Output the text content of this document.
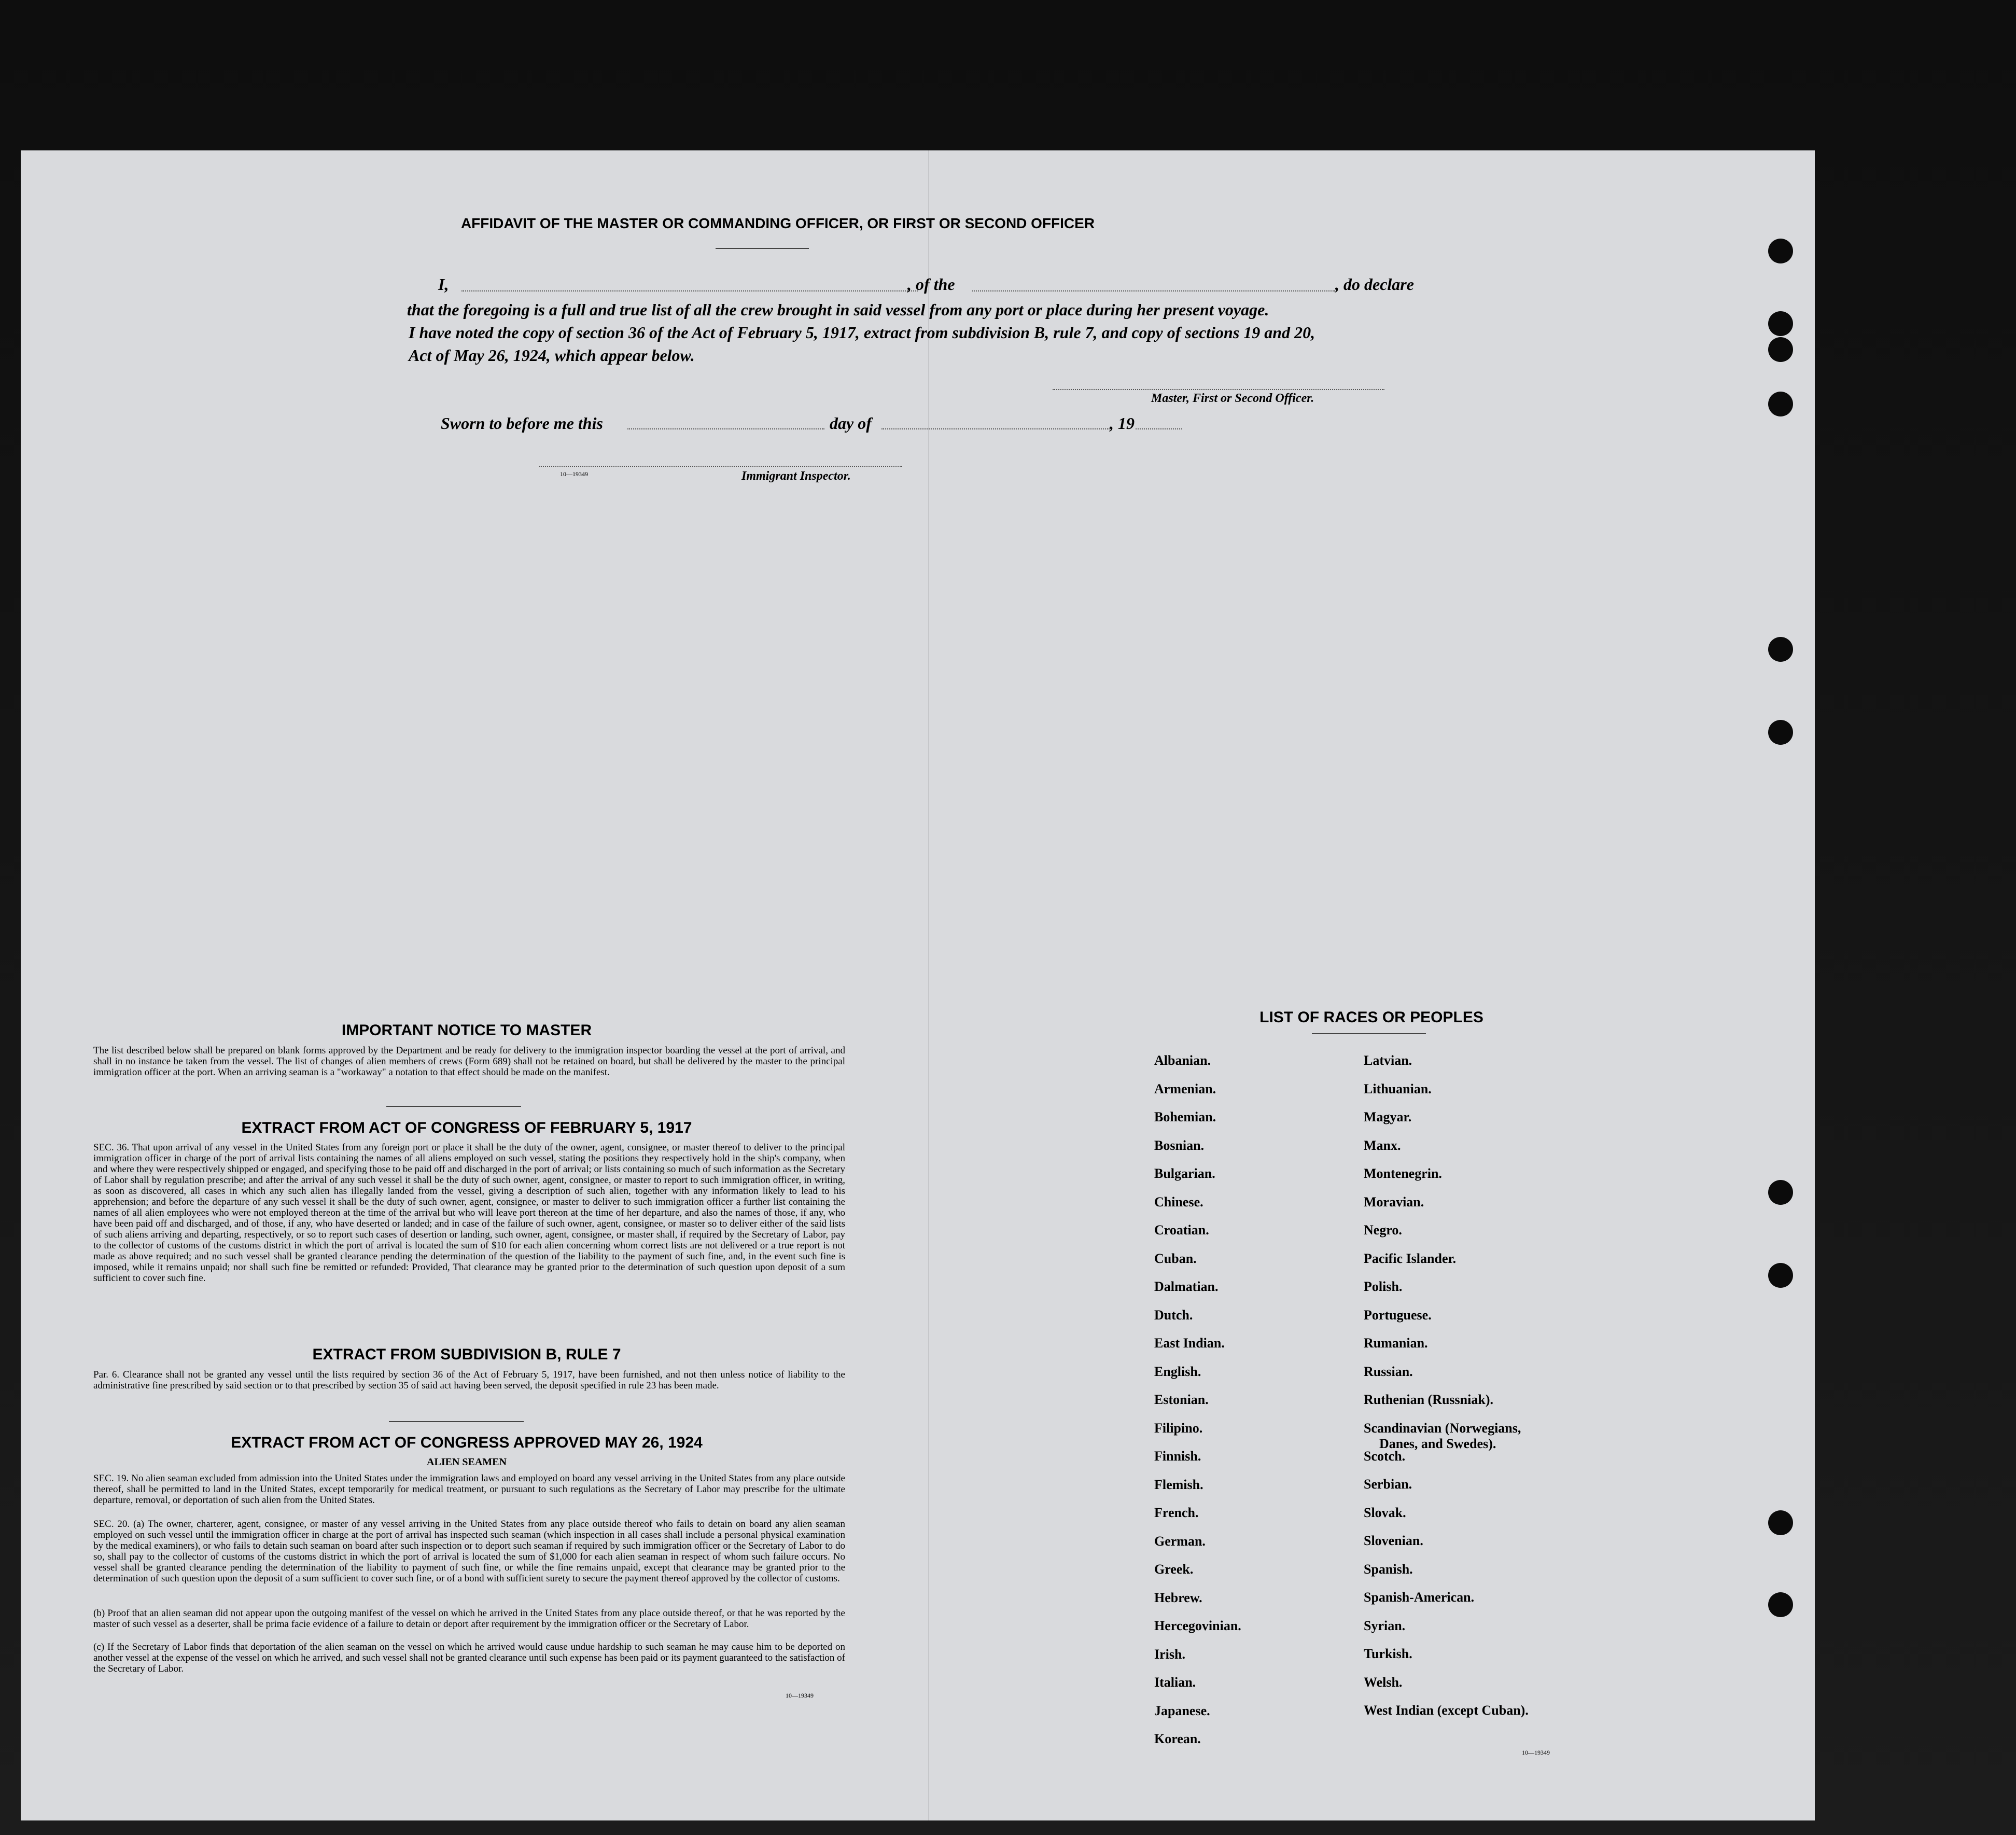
AFFIDAVIT OF THE MASTER OR COMMANDING OFFICER, OR FIRST OR SECOND OFFICER
I,	, of the	, do declare
that the foregoing is a full and true list of all the crew brought in said vessel from any port or place during her present voyage.
I have noted the copy of section 36 of the Act of February 5, 1917, extract from subdivision B, rule 7, and copy of sections 19 and 20,
Act of May 26, 1924, which appear below.
Master, First or Second Officer.
Sworn to before me this	day of	, 19
10—19349	Immigrant Inspector.
IMPORTANT NOTICE TO MASTER
The list described below shall be prepared on blank forms approved by the Department and be ready for delivery to the immigration inspector boarding the vessel at the port of arrival, and shall in no instance be taken from the vessel. The list of changes of alien members of crews (Form 689) shall not be retained on board, but shall be delivered by the master to the principal immigration officer at the port. When an arriving seaman is a "workaway" a notation to that effect should be made on the manifest.
EXTRACT FROM ACT OF CONGRESS OF FEBRUARY 5, 1917
SEC. 36. That upon arrival of any vessel in the United States from any foreign port or place it shall be the duty of the owner, agent, consignee, or master thereof to deliver to the principal immigration officer in charge of the port of arrival lists containing the names of all aliens employed on such vessel, stating the positions they respectively hold in the ship's company, when and where they were respectively shipped or engaged, and specifying those to be paid off and discharged in the port of arrival; or lists containing so much of such information as the Secretary of Labor shall by regulation prescribe; and after the arrival of any such vessel it shall be the duty of such owner, agent, consignee, or master to report to such immigration officer, in writing, as soon as discovered, all cases in which any such alien has illegally landed from the vessel, giving a description of such alien, together with any information likely to lead to his apprehension; and before the departure of any such vessel it shall be the duty of such owner, agent, consignee, or master to deliver to such immigration officer a further list containing the names of all alien employees who were not employed thereon at the time of the arrival but who will leave port thereon at the time of her departure, and also the names of those, if any, who have been paid off and discharged, and of those, if any, who have deserted or landed; and in case of the failure of such owner, agent, consignee, or master so to deliver either of the said lists of such aliens arriving and departing, respectively, or so to report such cases of desertion or landing, such owner, agent, consignee, or master shall, if required by the Secretary of Labor, pay to the collector of customs of the customs district in which the port of arrival is located the sum of $10 for each alien concerning whom correct lists are not delivered or a true report is not made as above required; and no such vessel shall be granted clearance pending the determination of the question of the liability to the payment of such fine, and, in the event such fine is imposed, while it remains unpaid; nor shall such fine be remitted or refunded: Provided, That clearance may be granted prior to the determination of such question upon deposit of a sum sufficient to cover such fine.
EXTRACT FROM SUBDIVISION B, RULE 7
Par. 6. Clearance shall not be granted any vessel until the lists required by section 36 of the Act of February 5, 1917, have been furnished, and not then unless notice of liability to the administrative fine prescribed by said section or to that prescribed by section 35 of said act having been served, the deposit specified in rule 23 has been made.
EXTRACT FROM ACT OF CONGRESS APPROVED MAY 26, 1924
ALIEN SEAMEN
SEC. 19. No alien seaman excluded from admission into the United States under the immigration laws and employed on board any vessel arriving in the United States from any place outside thereof, shall be permitted to land in the United States, except temporarily for medical treatment, or pursuant to such regulations as the Secretary of Labor may prescribe for the ultimate departure, removal, or deportation of such alien from the United States.
SEC. 20. (a) The owner, charterer, agent, consignee, or master of any vessel arriving in the United States from any place outside thereof who fails to detain on board any alien seaman employed on such vessel until the immigration officer in charge at the port of arrival has inspected such seaman (which inspection in all cases shall include a personal physical examination by the medical examiners), or who fails to detain such seaman on board after such inspection or to deport such seaman if required by such immigration officer or the Secretary of Labor to do so, shall pay to the collector of customs of the customs district in which the port of arrival is located the sum of $1,000 for each alien seaman in respect of whom such failure occurs. No vessel shall be granted clearance pending the determination of the liability to payment of such fine, or while the fine remains unpaid, except that clearance may be granted prior to the determination of such question upon the deposit of a sum sufficient to cover such fine, or of a bond with sufficient surety to secure the payment thereof approved by the collector of customs.
(b) Proof that an alien seaman did not appear upon the outgoing manifest of the vessel on which he arrived in the United States from any place outside thereof, or that he was reported by the master of such vessel as a deserter, shall be prima facie evidence of a failure to detain or deport after requirement by the immigration officer or the Secretary of Labor.
(c) If the Secretary of Labor finds that deportation of the alien seaman on the vessel on which he arrived would cause undue hardship to such seaman he may cause him to be deported on another vessel at the expense of the vessel on which he arrived, and such vessel shall not be granted clearance until such expense has been paid or its payment guaranteed to the satisfaction of the Secretary of Labor.
10—19349
LIST OF RACES OR PEOPLES
10—19349
Albanian.
Armenian.
Bohemian.
Bosnian.
Bulgarian.
Chinese.
Croatian.
Cuban.
Dalmatian.
Dutch.
East Indian.
English.
Estonian.
Filipino.
Finnish.
Flemish.
French.
German.
Greek.
Hebrew.
Hercegovinian.
Irish.
Italian.
Japanese.
Korean.
Latvian.
Lithuanian.
Magyar.
Manx.
Montenegrin.
Moravian.
Negro.
Pacific Islander.
Polish.
Portuguese.
Rumanian.
Russian.
Ruthenian (Russniak).
Scandinavian (Norwegians,
Danes, and Swedes).
Scotch.
Serbian.
Slovak.
Slovenian.
Spanish.
Spanish-American.
Syrian.
Turkish.
Welsh.
West Indian (except Cuban).
